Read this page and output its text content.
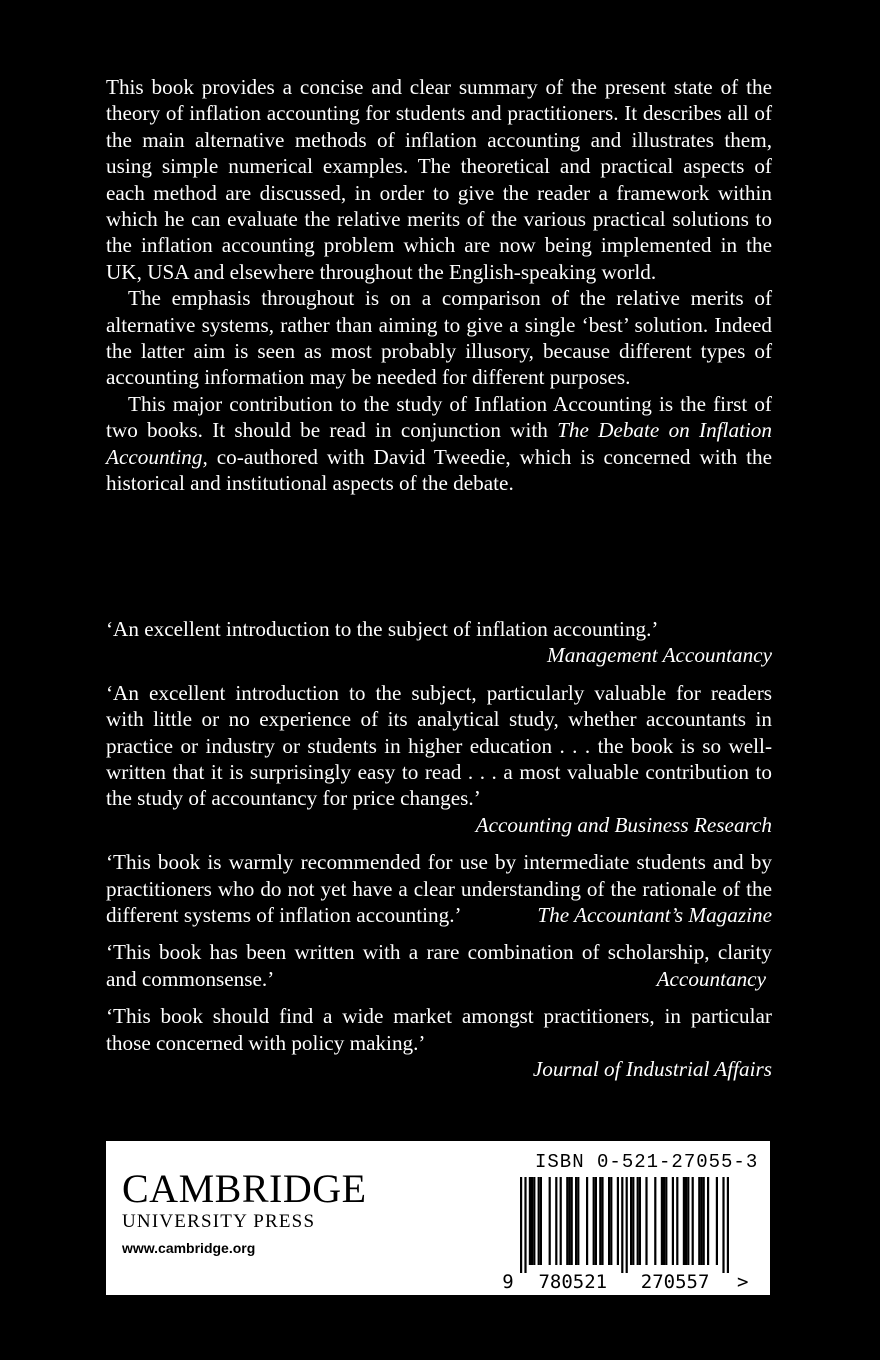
This book provides a concise and clear summary of the present state of the theory of inflation accounting for students and practitioners. It describes all of the main alternative methods of inflation accounting and illustrates them, using simple numerical examples. The theoretical and practical aspects of each method are discussed, in order to give the reader a framework within which he can evaluate the relative merits of the various practical solutions to the inflation accounting problem which are now being implemented in the UK, USA and elsewhere throughout the English-speaking world.

The emphasis throughout is on a comparison of the relative merits of alternative systems, rather than aiming to give a single ‘best’ solution. Indeed the latter aim is seen as most probably illusory, because different types of accounting information may be needed for different purposes.

This major contribution to the study of Inflation Accounting is the first of two books. It should be read in conjunction with The Debate on Inflation Accounting, co-authored with David Tweedie, which is concerned with the historical and institutional aspects of the debate.

‘An excellent introduction to the subject of inflation accounting.’
Management Accountancy
‘An excellent introduction to the subject, particularly valuable for readers with little or no experience of its analytical study, whether accountants in practice or industry or students in higher education . . . the book is so well-written that it is surprisingly easy to read . . . a most valuable contribution to the study of accountancy for price changes.’
Accounting and Business Research
‘This book is warmly recommended for use by intermediate students and by practitioners who do not yet have a clear understanding of the rationale of the different systems of inflation accounting.’	The Accountant’s Magazine
‘This book has been written with a rare combination of scholarship, clarity and commonsense.’	Accountancy
‘This book should find a wide market amongst practitioners, in particular those concerned with policy making.’
Journal of Industrial Affairs
CAMBRIDGE
UNIVERSITY PRESS
www.cambridge.org
ISBN 0-521-27055-3
9 780521 270557 >
